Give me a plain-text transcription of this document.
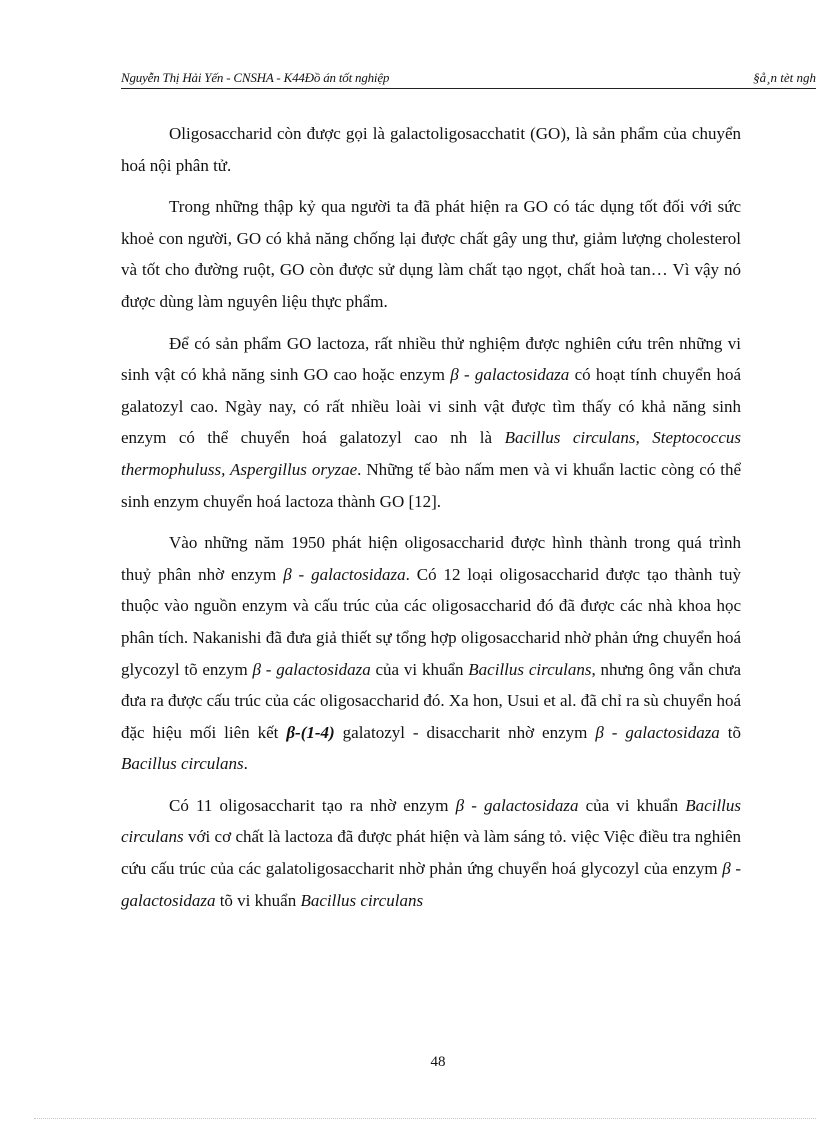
Nguyễn Thị Hải Yến - CNSHA - K44Đồ án tốt nghiệp	§å¸n tèt ngh

Oligosaccharid còn được gọi là galactoligosacchatit (GO), là sản phẩm của chuyển hoá nội phân tử.

Trong những thập kỷ qua người ta đã phát hiện ra GO có tác dụng tốt đối với sức khoẻ con người, GO có khả năng chống lại được chất gây ung thư, giảm lượng cholesterol và tốt cho đường ruột, GO còn được sử dụng làm chất tạo ngọt, chất hoà tan… Vì vậy nó được dùng làm nguyên liệu thực phẩm.

Để có sản phẩm GO lactoza, rất nhiều thử nghiệm được nghiên cứu trên những vi sinh vật có khả năng sinh GO cao hoặc enzym β - galactosidaza có hoạt tính chuyển hoá galatozyl cao. Ngày nay, có rất nhiều loài vi sinh vật được tìm thấy có khả năng sinh enzym có thể chuyển hoá galatozyl cao nh là Bacillus circulans, Steptococcus thermophuluss, Aspergillus oryzae. Những tế bào nấm men và vi khuẩn lactic còng có thể sinh enzym chuyển hoá lactoza thành GO [12].

Vào những năm 1950 phát hiện oligosaccharid được hình thành trong quá trình thuỷ phân nhờ enzym β - galactosidaza. Có 12 loại oligosaccharid được tạo thành tuỳ thuộc vào nguồn enzym và cấu trúc của các oligosaccharid đó đã được các nhà khoa học phân tích. Nakanishi đã đưa giả thiết sự tổng hợp oligosaccharid nhờ phản ứng chuyển hoá glycozyl tõ enzym β - galactosidaza của vi khuẩn Bacillus circulans, nhưng ông vẫn chưa đưa ra được cấu trúc của các oligosaccharid đó. Xa hon, Usui et al. đã chỉ ra sù chuyển hoá đặc hiệu mối liên kết β-(1-4) galatozyl - disaccharit nhờ enzym β - galactosidaza tõ Bacillus circulans.

Có 11 oligosaccharit tạo ra nhờ enzym β - galactosidaza của vi khuẩn Bacillus circulans với cơ chất là lactoza đã được phát hiện và làm sáng tỏ. việc Việc điều tra nghiên cứu cấu trúc của các galatoligosaccharit nhờ phản ứng chuyển hoá glycozyl của enzym β - galactosidaza tõ vi khuẩn Bacillus circulans

48
